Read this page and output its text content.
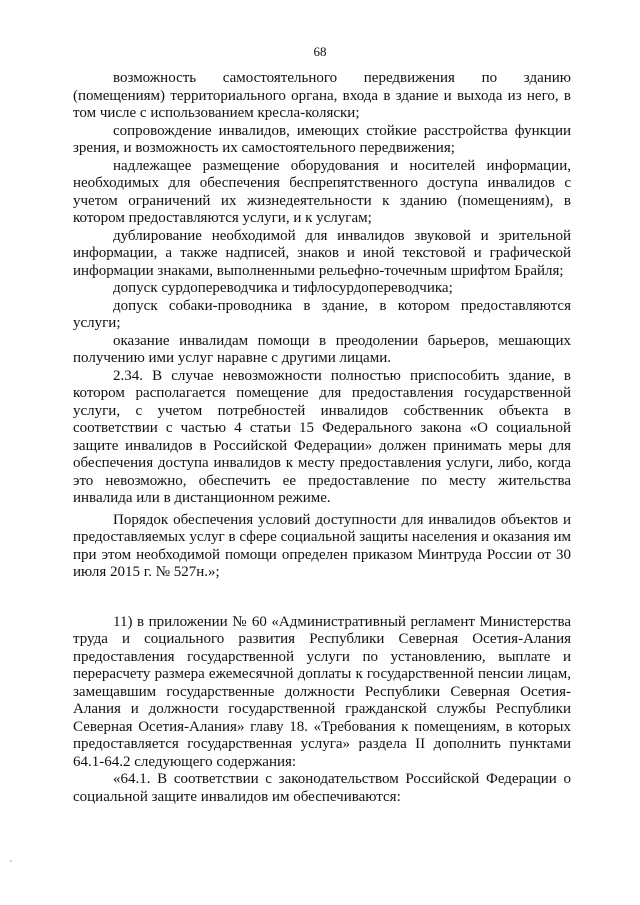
68

возможность самостоятельного передвижения по зданию (помещениям) территориального органа, входа в здание и выхода из него, в том числе с использованием кресла-коляски;

сопровождение инвалидов, имеющих стойкие расстройства функции зрения, и возможность их самостоятельного передвижения;

надлежащее размещение оборудования и носителей информации, необходимых для обеспечения беспрепятственного доступа инвалидов с учетом ограничений их жизнедеятельности к зданию (помещениям), в котором предоставляются услуги, и к услугам;

дублирование необходимой для инвалидов звуковой и зрительной информации, а также надписей, знаков и иной текстовой и графической информации знаками, выполненными рельефно-точечным шрифтом Брайля;

допуск сурдопереводчика и тифлосурдопереводчика;

допуск собаки-проводника в здание, в котором предоставляются услуги;

оказание инвалидам помощи в преодолении барьеров, мешающих получению ими услуг наравне с другими лицами.

2.34. В случае невозможности полностью приспособить здание, в котором располагается помещение для предоставления государственной услуги, с учетом потребностей инвалидов собственник объекта в соответствии с частью 4 статьи 15 Федерального закона «О социальной защите инвалидов в Российской Федерации» должен принимать меры для обеспечения доступа инвалидов к месту предоставления услуги, либо, когда это невозможно, обеспечить ее предоставление по месту жительства инвалида или в дистанционном режиме.

Порядок обеспечения условий доступности для инвалидов объектов и предоставляемых услуг в сфере социальной защиты населения и оказания им при этом необходимой помощи определен приказом Минтруда России от 30 июля 2015 г. № 527н.»;

11) в приложении № 60 «Административный регламент Министерства труда и социального развития Республики Северная Осетия-Алания предоставления государственной услуги по установлению, выплате и перерасчету размера ежемесячной доплаты к государственной пенсии лицам, замещавшим государственные должности Республики Северная Осетия-Алания и должности государственной гражданской службы Республики Северная Осетия-Алания» главу 18. «Требования к помещениям, в которых предоставляется государственная услуга» раздела II дополнить пунктами 64.1-64.2 следующего содержания:

«64.1. В соответствии с законодательством Российской Федерации о социальной защите инвалидов им обеспечиваются:
